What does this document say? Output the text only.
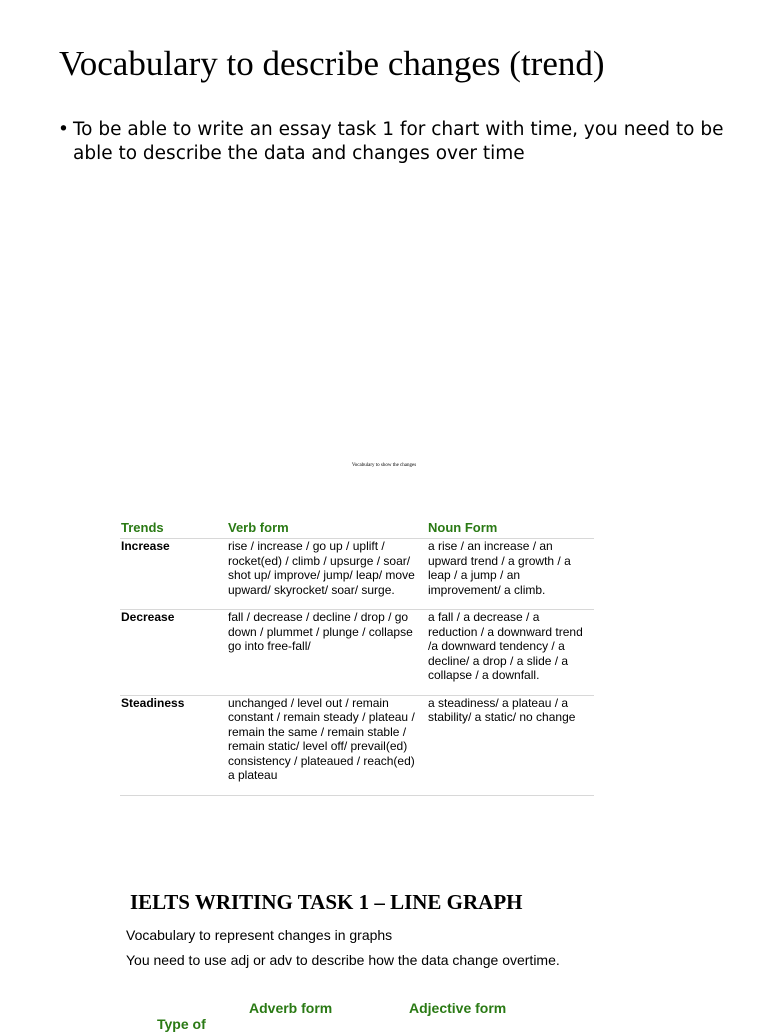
Vocabulary to describe changes (trend)
• To be able to write an essay task 1 for chart with time, you need to be able to describe the data and changes over time
Vocabulary to show the changes
Trends	Verb form	Noun Form
Increase	rise / increase / go up / uplift / rocket(ed) / climb / upsurge / soar/ shot up/ improve/ jump/ leap/ move upward/ skyrocket/ soar/ surge.	a rise / an increase / an upward trend / a growth / a leap / a jump / an improvement/ a climb.
Decrease	fall / decrease / decline / drop / go down / plummet / plunge / collapse go into free-fall/	a fall / a decrease / a reduction / a downward trend /a downward tendency / a decline/ a drop / a slide / a collapse / a downfall.
Steadiness	unchanged / level out / remain constant / remain steady / plateau / remain the same / remain stable / remain static/ level off/ prevail(ed) consistency / plateaued / reach(ed) a plateau	a steadiness/ a plateau / a stability/ a static/ no change
IELTS WRITING TASK 1 – LINE GRAPH
Vocabulary to represent changes in graphs
You need to use adj or adv to describe how the data change overtime.
Adverb form	Adjective form
Type of
